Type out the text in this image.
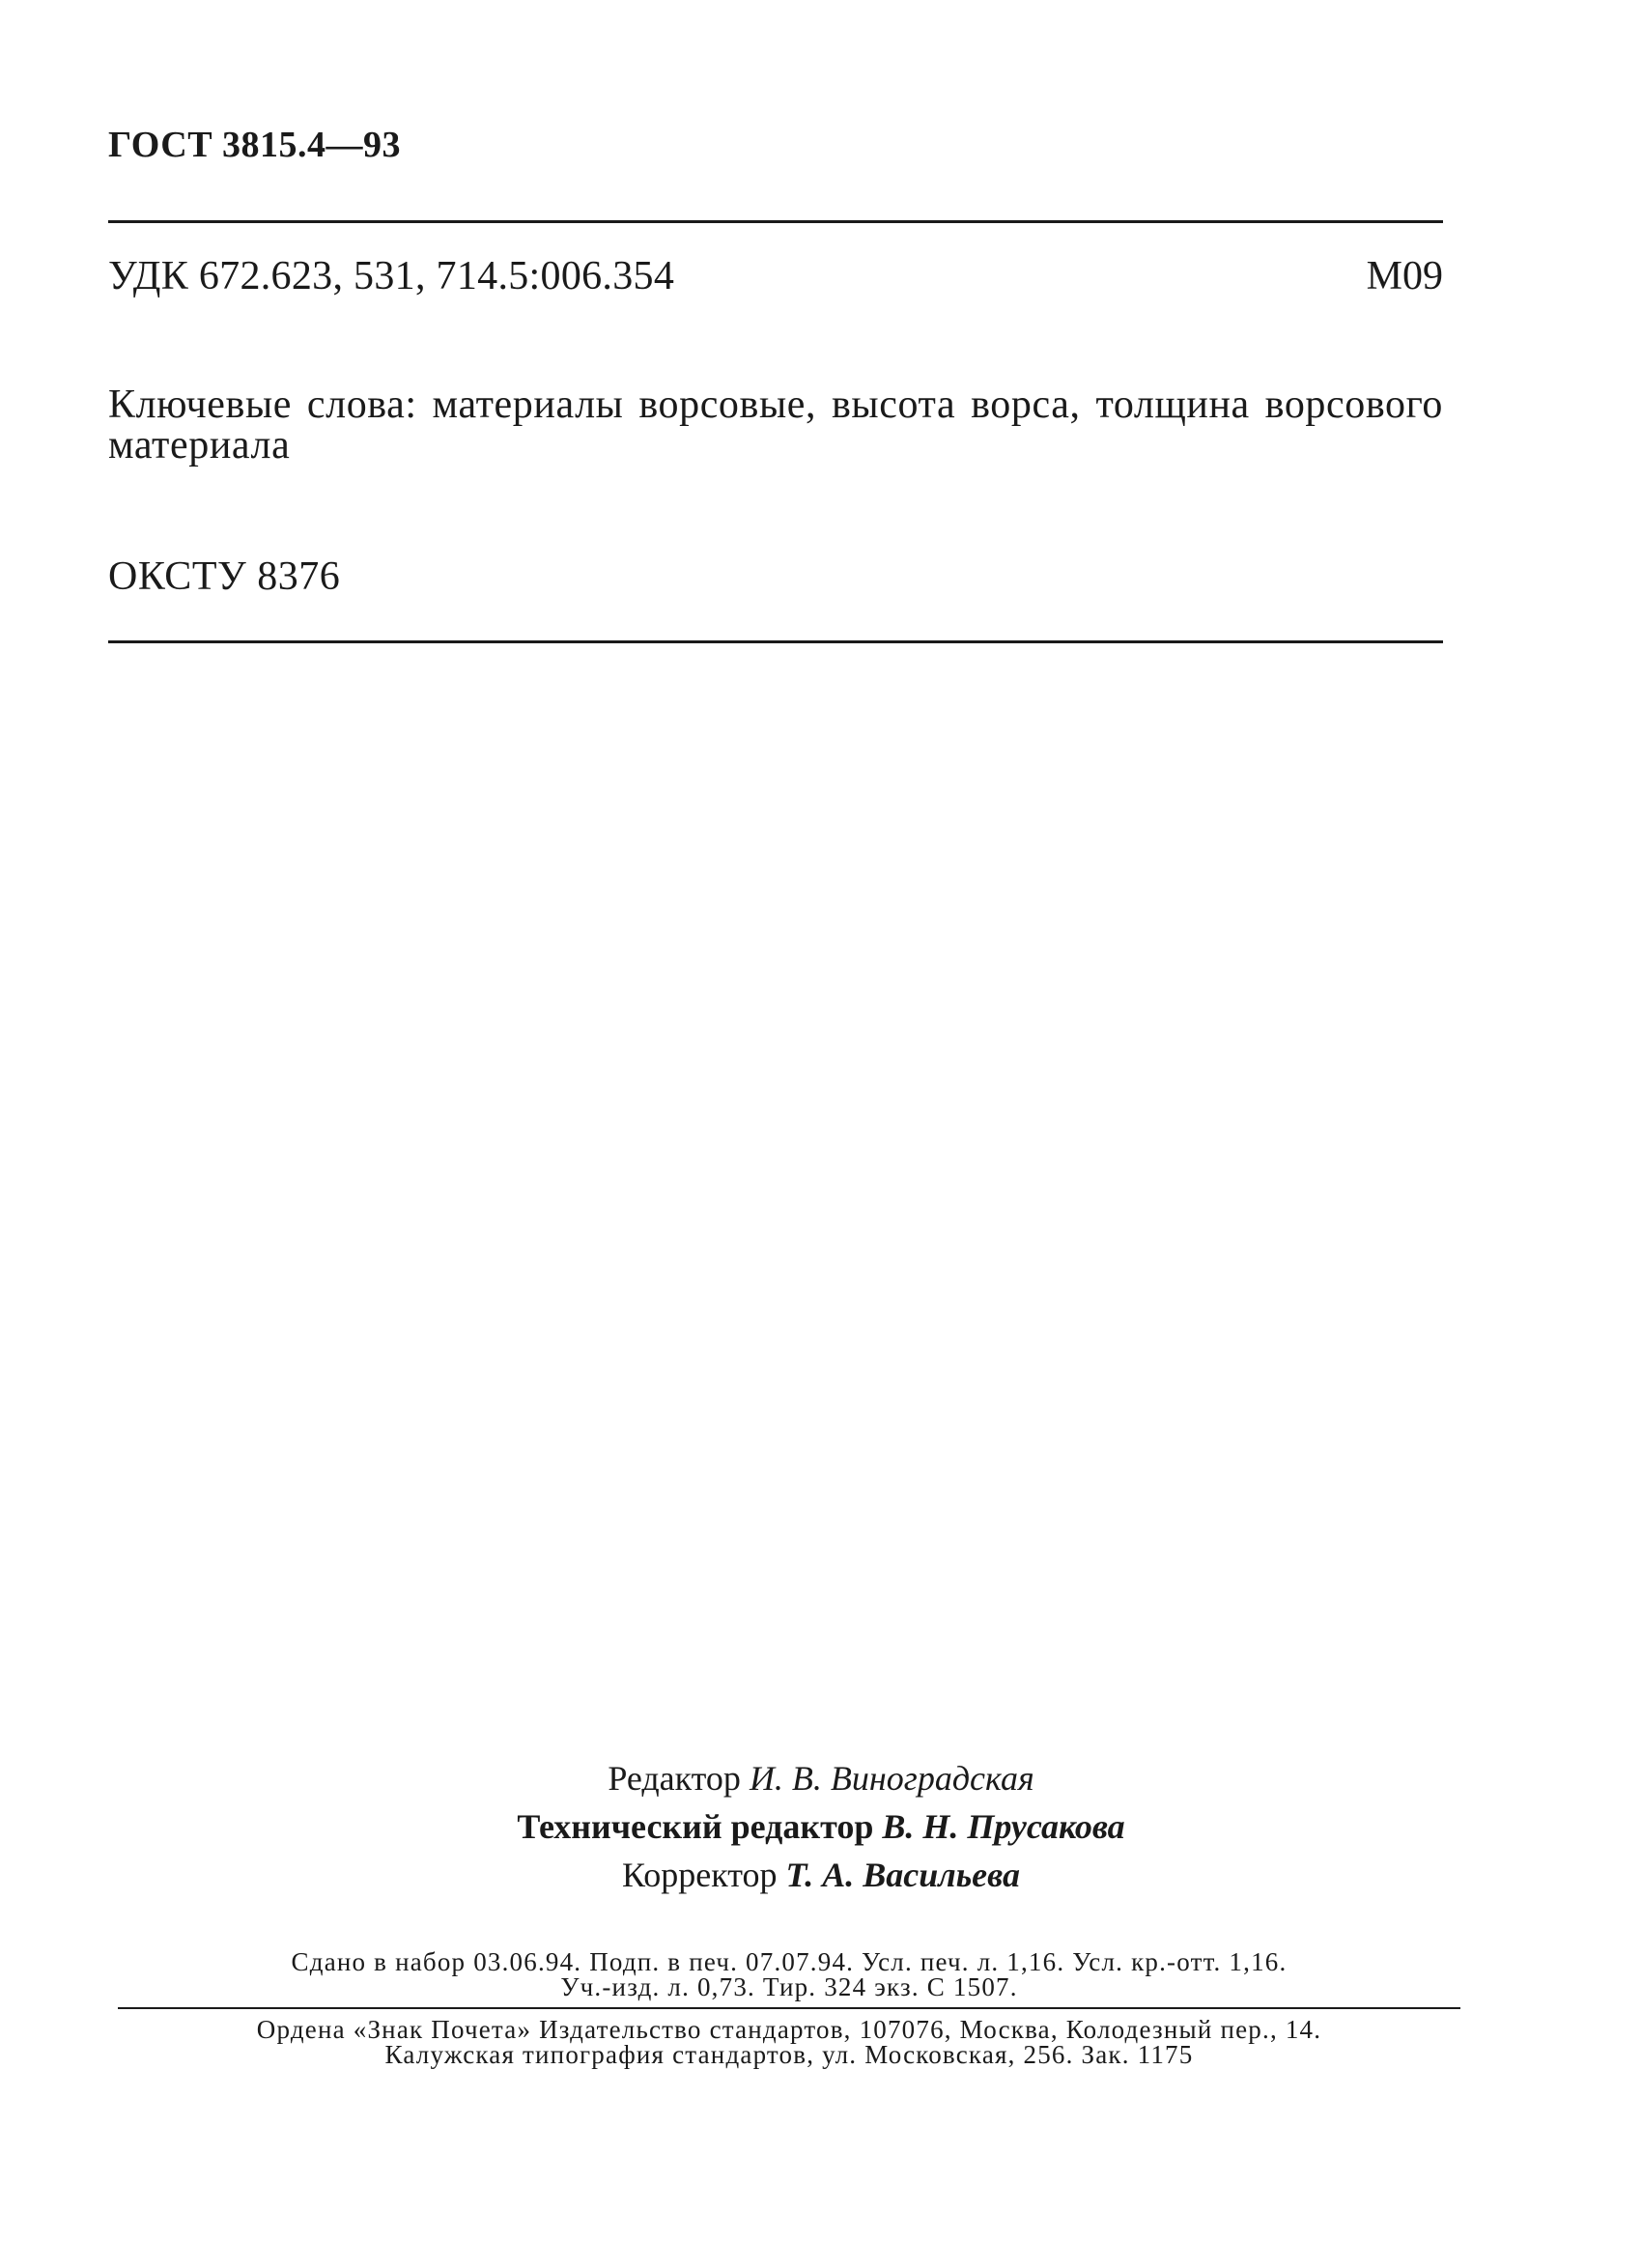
ГОСТ 3815.4—93
УДК 672.623, 531, 714.5:006.354	М09
Ключевые слова: материалы ворсовые, высота ворса, толщина ворсового материала
ОКСТУ 8376
Редактор И. В. Виноградская
Технический редактор В. Н. Прусакова
Корректор Т. А. Васильева
Сдано в набор 03.06.94. Подп. в печ. 07.07.94. Усл. печ. л. 1,16. Усл. кр.-отт. 1,16.
Уч.-изд. л. 0,73. Тир. 324 экз. С 1507.
Ордена «Знак Почета» Издательство стандартов, 107076, Москва, Колодезный пер., 14.
Калужская типография стандартов, ул. Московская, 256. Зак. 1175
